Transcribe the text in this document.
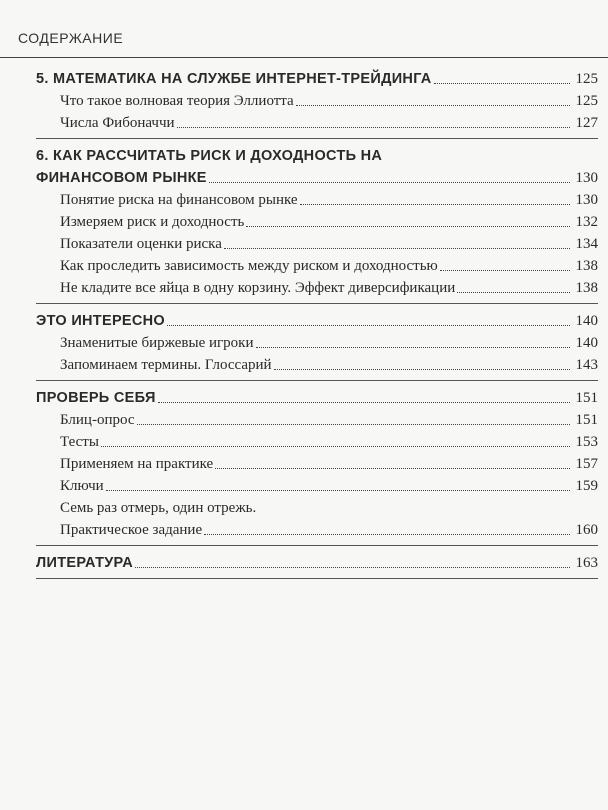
СОДЕРЖАНИЕ
5. МАТЕМАТИКА НА СЛУЖБЕ ИНТЕРНЕТ-ТРЕЙДИНГА	125
Что такое волновая теория Эллиотта	125
Числа Фибоначчи	127
6. КАК РАССЧИТАТЬ РИСК И ДОХОДНОСТЬ НА
ФИНАНСОВОМ РЫНКЕ	130
Понятие риска на финансовом рынке	130
Измеряем риск и доходность	132
Показатели оценки риска	134
Как проследить зависимость между риском и доходностью	138
Не кладите все яйца в одну корзину. Эффект диверсификации	138
ЭТО ИНТЕРЕСНО	140
Знаменитые биржевые игроки	140
Запоминаем термины. Глоссарий	143
ПРОВЕРЬ СЕБЯ	151
Блиц-опрос	151
Тесты	153
Применяем на практике	157
Ключи	159
Семь раз отмерь, один отрежь.
Практическое задание	160
ЛИТЕРАТУРА	163
